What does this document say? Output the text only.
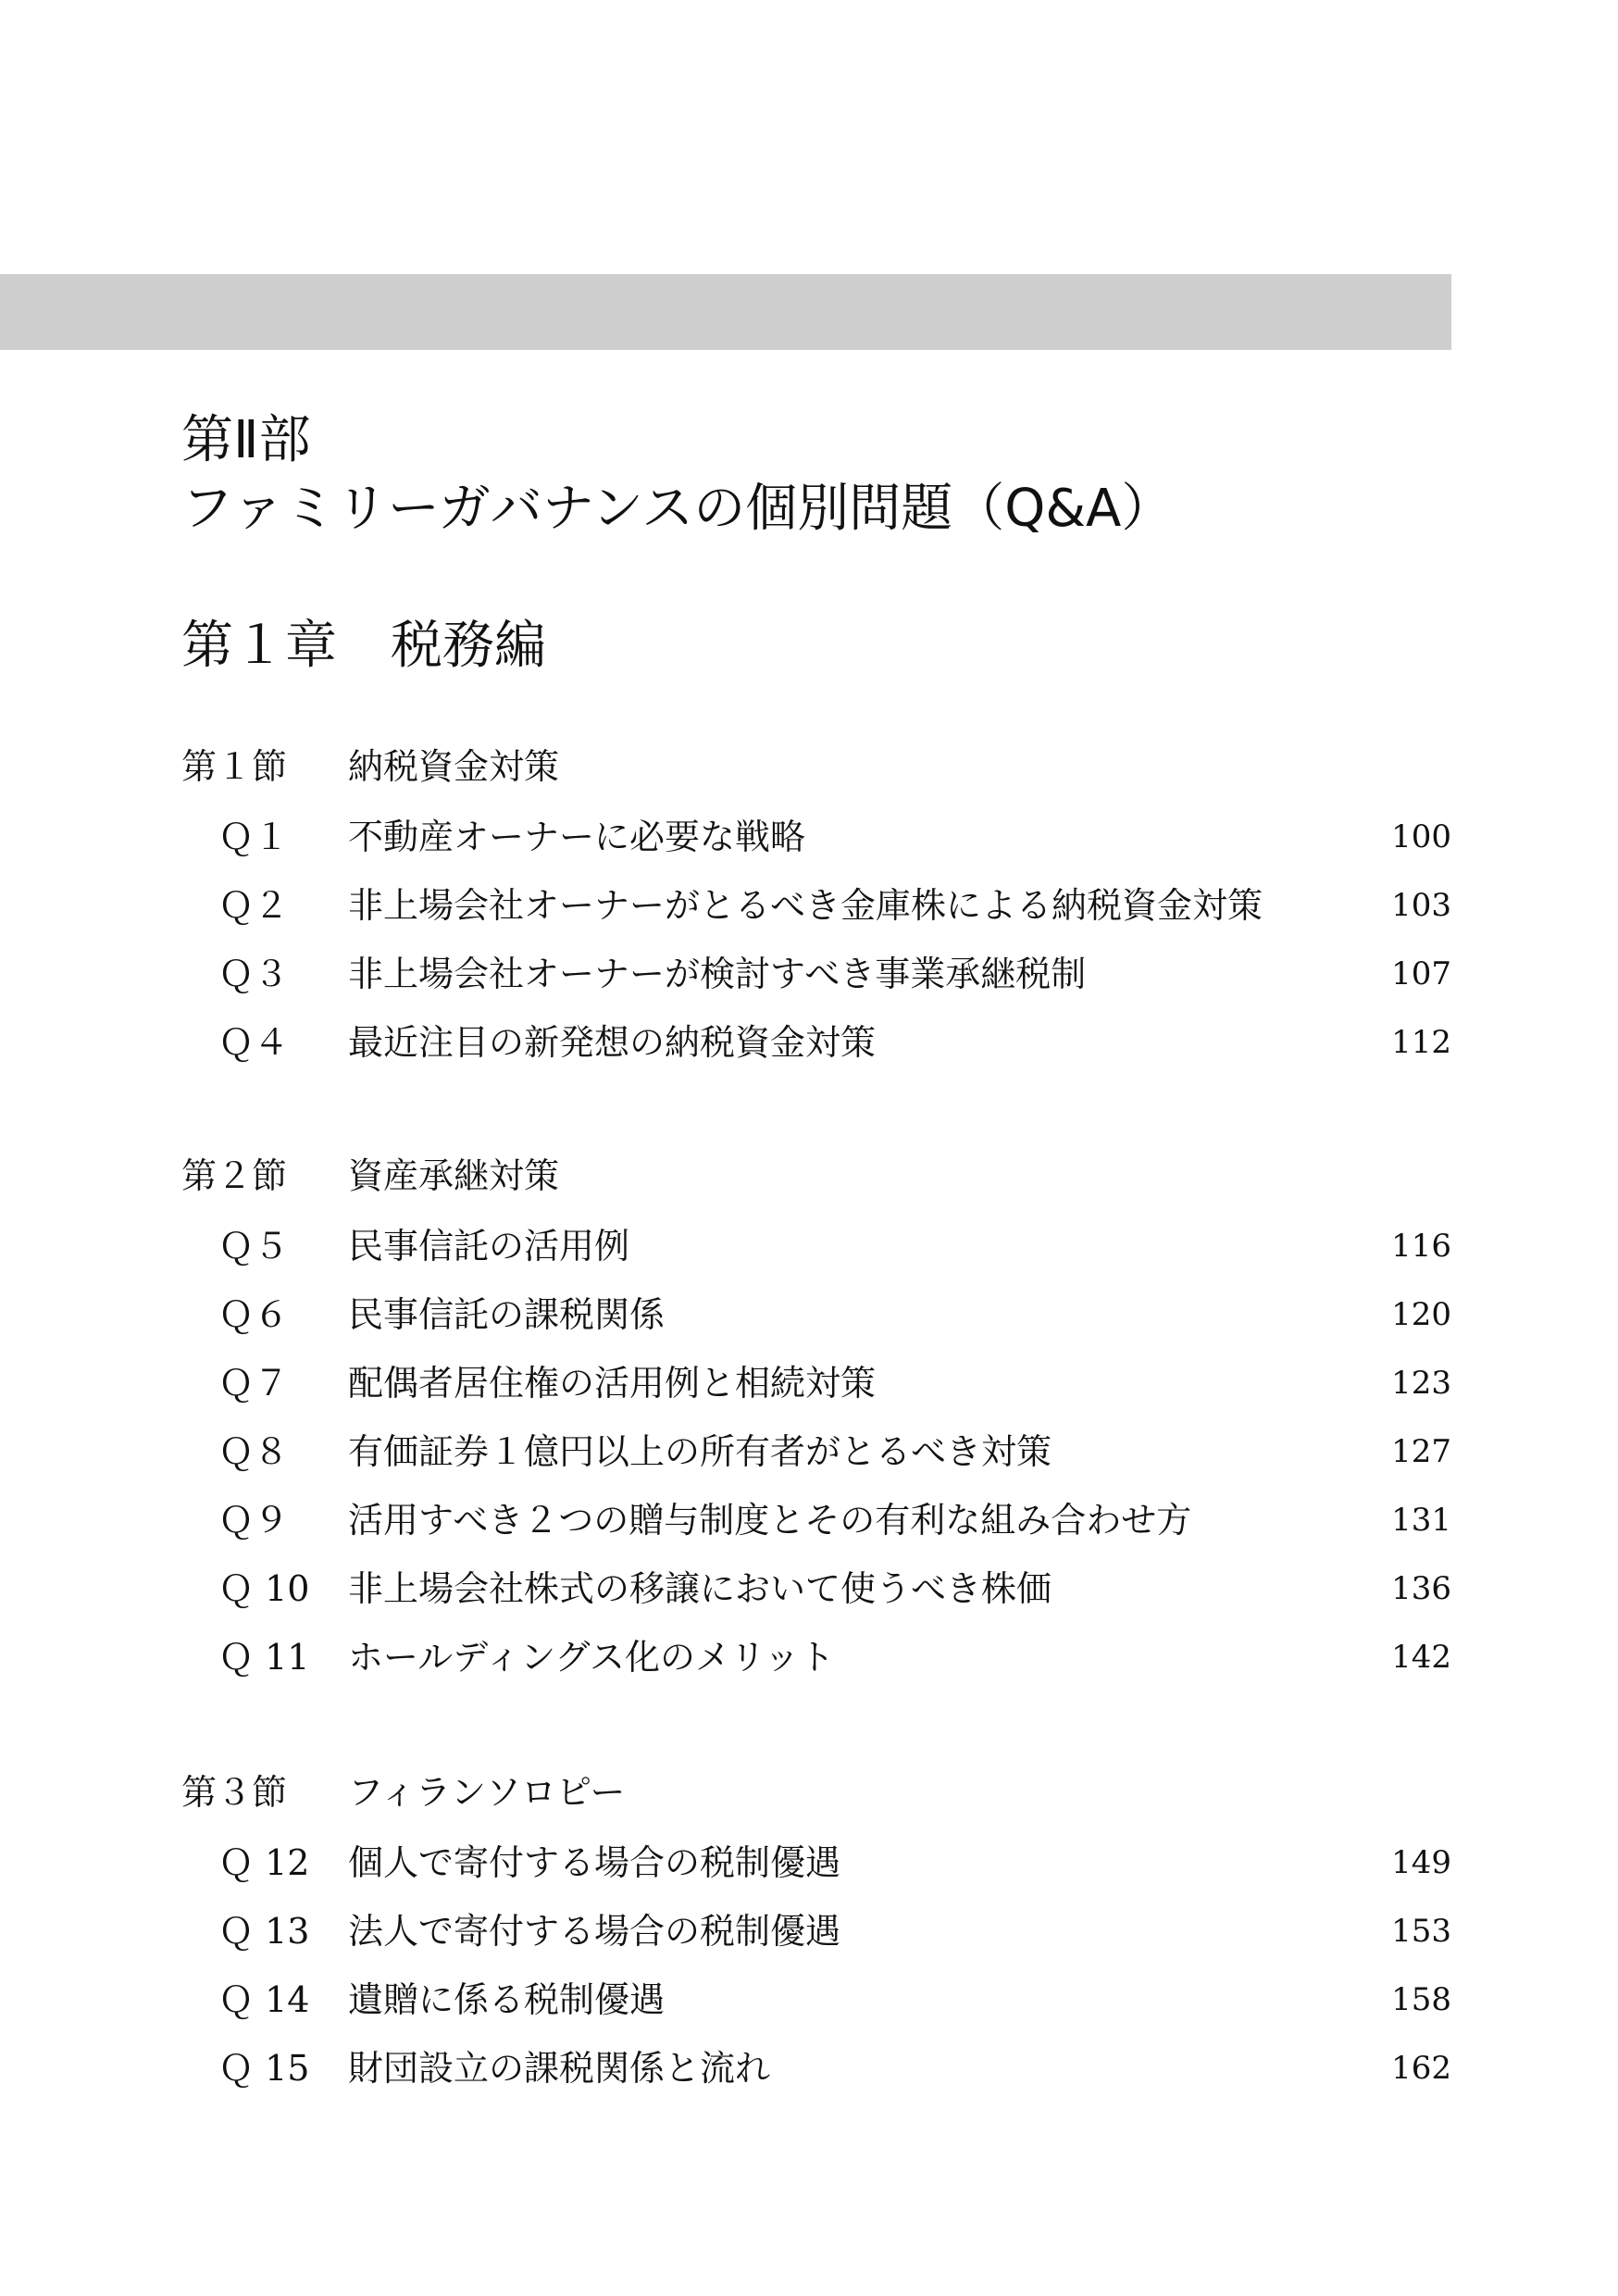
第Ⅱ部
ファミリーガバナンスの個別問題（Q&A）
第１章 税務編
第１節 納税資金対策
Ｑ１ 不動産オーナーに必要な戦略	100
Ｑ２ 非上場会社オーナーがとるべき金庫株による納税資金対策	103
Ｑ３ 非上場会社オーナーが検討すべき事業承継税制	107
Ｑ４ 最近注目の新発想の納税資金対策	112
第２節 資産承継対策
Ｑ５ 民事信託の活用例	116
Ｑ６ 民事信託の課税関係	120
Ｑ７ 配偶者居住権の活用例と相続対策	123
Ｑ８ 有価証券１億円以上の所有者がとるべき対策	127
Ｑ９ 活用すべき２つの贈与制度とその有利な組み合わせ方	131
Ｑ 10 非上場会社株式の移譲において使うべき株価	136
Ｑ 11 ホールディングス化のメリット	142
第３節 フィランソロピー
Ｑ 12 個人で寄付する場合の税制優遇	149
Ｑ 13 法人で寄付する場合の税制優遇	153
Ｑ 14 遺贈に係る税制優遇	158
Ｑ 15 財団設立の課税関係と流れ	162
